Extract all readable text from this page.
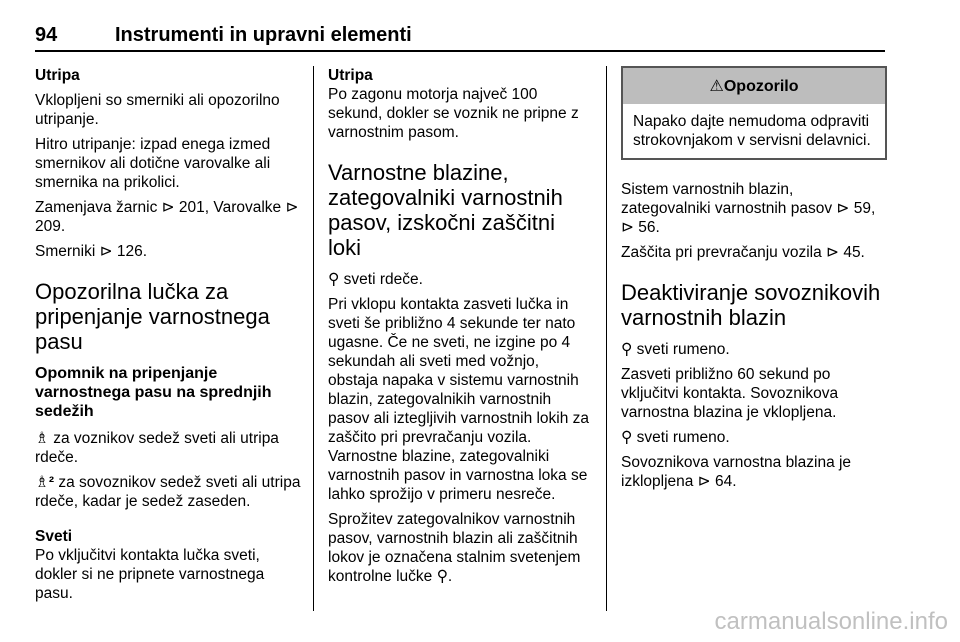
94	Instrumenti in upravni elementi

Utripa

Vklopljeni so smerniki ali opozorilno utripanje.

Hitro utripanje: izpad enega izmed smernikov ali dotične varovalke ali smernika na prikolici.

Zamenjava žarnic ⊳ 201, Varovalke ⊳ 209.

Smerniki ⊳ 126.

Opozorilna lučka za pripenjanje varnostnega pasu
Opomnik na pripenjanje varnostnega pasu na sprednjih sedežih

♗ za voznikov sedež sveti ali utripa rdeče.

♗² za sovoznikov sedež sveti ali utripa rdeče, kadar je sedež zaseden.

Sveti

Po vključitvi kontakta lučka sveti, dokler si ne pripnete varnostnega pasu.

Utripa

Po zagonu motorja največ 100 sekund, dokler se voznik ne pripne z varnostnim pasom.

Varnostne blazine, zategovalniki varnostnih pasov, izskočni zaščitni loki

⚲ sveti rdeče.

Pri vklopu kontakta zasveti lučka in sveti še približno 4 sekunde ter nato ugasne. Če ne sveti, ne izgine po 4 sekundah ali sveti med vožnjo, obstaja napaka v sistemu varnostnih blazin, zategovalnikih varnostnih pasov ali iztegljivih varnostnih lokih za zaščito pri prevračanju vozila. Varnostne blazine, zategovalniki varnostnih pasov in varnostna loka se lahko sprožijo v primeru nesreče.

Sprožitev zategovalnikov varnostnih pasov, varnostnih blazin ali zaščitnih lokov je označena stalnim svetenjem kontrolne lučke ⚲.

⚠Opozorilo
Napako dajte nemudoma odpraviti strokovnjakom v servisni delavnici.

Sistem varnostnih blazin, zategovalniki varnostnih pasov ⊳ 59, ⊳ 56.

Zaščita pri prevračanju vozila ⊳ 45.

Deaktiviranje sovoznikovih varnostnih blazin

⚲ sveti rumeno.

Zasveti približno 60 sekund po vključitvi kontakta. Sovoznikova varnostna blazina je vklopljena.

⚲ sveti rumeno.

Sovoznikova varnostna blazina je izklopljena ⊳ 64.

carmanualsonline.info
